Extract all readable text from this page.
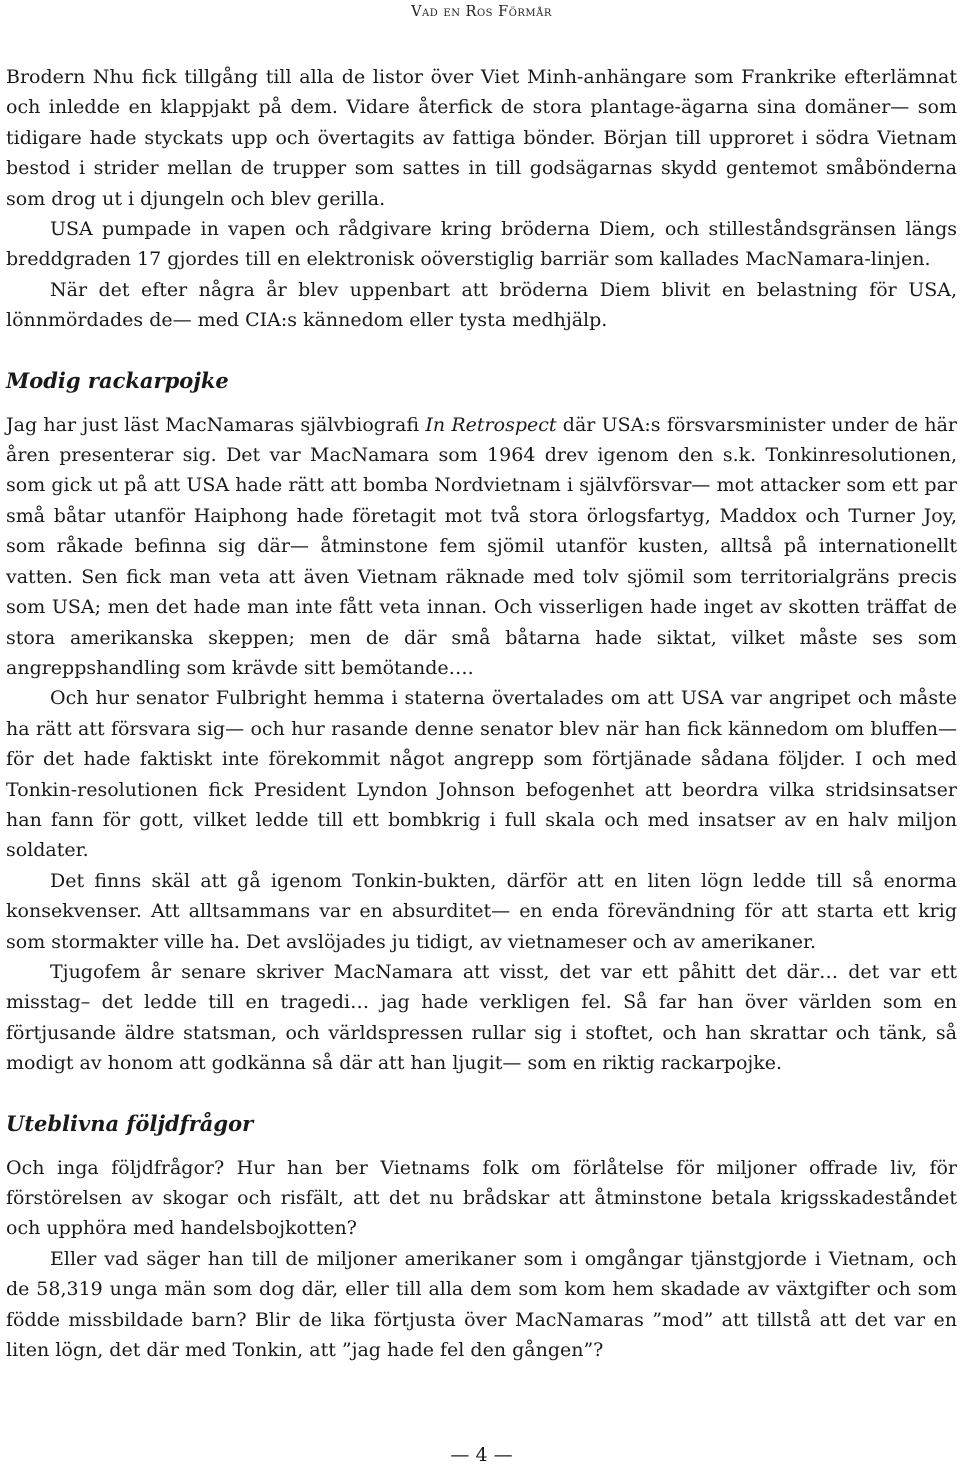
Vad en Ros Förmår

Brodern Nhu fick tillgång till alla de listor över Viet Minh-anhängare som Frankrike efterlämnat och inledde en klappjakt på dem. Vidare återfick de stora plantage-ägarna sina domäner— som tidigare hade styckats upp och övertagits av fattiga bönder. Början till upproret i södra Vietnam bestod i strider mellan de trupper som sattes in till godsägarnas skydd gentemot småbönderna som drog ut i djungeln och blev gerilla.

USA pumpade in vapen och rådgivare kring bröderna Diem, och stilleståndsgränsen längs breddgraden 17 gjordes till en elektronisk oöverstiglig barriär som kallades MacNamara-linjen.

När det efter några år blev uppenbart att bröderna Diem blivit en belastning för USA, lönnmördades de— med CIA:s kännedom eller tysta medhjälp.

Modig rackarpojke

Jag har just läst MacNamaras självbiografi In Retrospect där USA:s försvarsminister under de här åren presenterar sig. Det var MacNamara som 1964 drev igenom den s.k. Tonkinresolutionen, som gick ut på att USA hade rätt att bomba Nordvietnam i självförsvar— mot attacker som ett par små båtar utanför Haiphong hade företagit mot två stora örlogsfartyg, Maddox och Turner Joy, som råkade befinna sig där— åtminstone fem sjömil utanför kusten, alltså på internationellt vatten. Sen fick man veta att även Vietnam räknade med tolv sjömil som territorialgräns precis som USA; men det hade man inte fått veta innan. Och visserligen hade inget av skotten träffat de stora amerikanska skeppen; men de där små båtarna hade siktat, vilket måste ses som angreppshandling som krävde sitt bemötande….

Och hur senator Fulbright hemma i staterna övertalades om att USA var angripet och måste ha rätt att försvara sig— och hur rasande denne senator blev när han fick kännedom om bluffen— för det hade faktiskt inte förekommit något angrepp som förtjänade sådana följder. I och med Tonkin-resolutionen fick President Lyndon Johnson befogenhet att beordra vilka stridsinsatser han fann för gott, vilket ledde till ett bombkrig i full skala och med insatser av en halv miljon soldater.

Det finns skäl att gå igenom Tonkin-bukten, därför att en liten lögn ledde till så enorma konsekvenser. Att alltsammans var en absurditet— en enda förevändning för att starta ett krig som stormakter ville ha. Det avslöjades ju tidigt, av vietnameser och av amerikaner.

Tjugofem år senare skriver MacNamara att visst, det var ett påhitt det där… det var ett misstag– det ledde till en tragedi… jag hade verkligen fel. Så far han över världen som en förtjusande äldre statsman, och världspressen rullar sig i stoftet, och han skrattar och tänk, så modigt av honom att godkänna så där att han ljugit— som en riktig rackarpojke.

Uteblivna följdfrågor

Och inga följdfrågor? Hur han ber Vietnams folk om förlåtelse för miljoner offrade liv, för förstörelsen av skogar och risfält, att det nu brådskar att åtminstone betala krigsskadeståndet och upphöra med handelsbojkotten?

Eller vad säger han till de miljoner amerikaner som i omgångar tjänstgjorde i Vietnam, och de 58,319 unga män som dog där, eller till alla dem som kom hem skadade av växtgifter och som födde missbildade barn? Blir de lika förtjusta över MacNamaras ”mod” att tillstå att det var en liten lögn, det där med Tonkin, att ”jag hade fel den gången”?

— 4 —
